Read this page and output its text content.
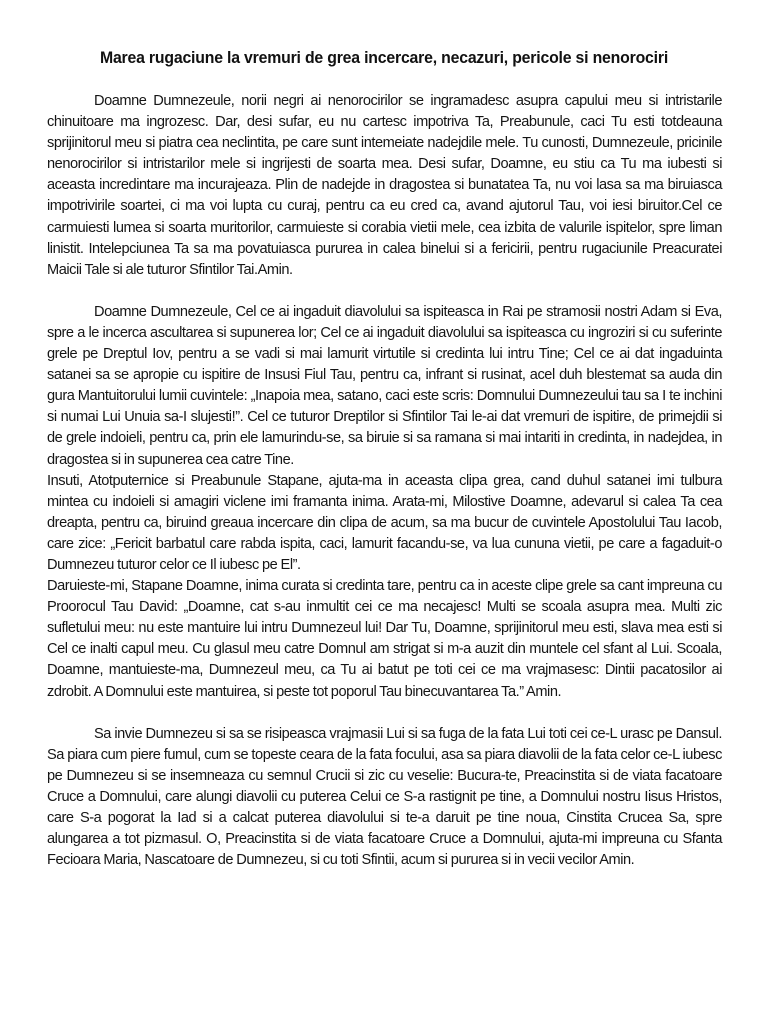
Marea rugaciune la vremuri de grea incercare, necazuri, pericole si nenorociri

Doamne Dumnezeule, norii negri ai nenorocirilor se ingramadesc asupra capului meu si intristarile chinuitoare ma ingrozesc. Dar, desi sufar, eu nu cartesc impotriva Ta, Preabunule, caci Tu esti totdeauna sprijinitorul meu si piatra cea neclintita, pe care sunt intemeiate nadejdile mele. Tu cunosti, Dumnezeule, pricinile nenorocirilor si intristarilor mele si ingrijesti de soarta mea. Desi sufar, Doamne, eu stiu ca Tu ma iubesti si aceasta incredintare ma incurajeaza. Plin de nadejde in dragostea si bunatatea Ta, nu voi lasa sa ma biruiasca impotrivirile soartei, ci ma voi lupta cu curaj, pentru ca eu cred ca, avand ajutorul Tau, voi iesi biruitor.Cel ce carmuiesti lumea si soarta muritorilor, carmuieste si corabia vietii mele, cea izbita de valurile ispitelor, spre liman linistit. Intelepciunea Ta sa ma povatuiasca pururea in calea binelui si a fericirii, pentru rugaciunile Preacuratei Maicii Tale si ale tuturor Sfintilor Tai.Amin.

Doamne Dumnezeule, Cel ce ai ingaduit diavolului sa ispiteasca in Rai pe stramosii nostri Adam si Eva, spre a le incerca ascultarea si supunerea lor; Cel ce ai ingaduit diavolului sa ispiteasca cu ingroziri si cu suferinte grele pe Dreptul Iov, pentru a se vadi si mai lamurit virtutile si credinta lui intru Tine; Cel ce ai dat ingaduinta satanei sa se apropie cu ispitire de Insusi Fiul Tau, pentru ca, infrant si rusinat, acel duh blestemat sa auda din gura Mantuitorului lumii cuvintele: „Inapoia mea, satano, caci este scris: Domnului Dumnezeului tau sa I te inchini si numai Lui Unuia sa-I slujesti!”. Cel ce tuturor Dreptilor si Sfintilor Tai le-ai dat vremuri de ispitire, de primejdii si de grele indoieli, pentru ca, prin ele lamurindu-se, sa biruie si sa ramana si mai intariti in credinta, in nadejdea, in dragostea si in supunerea cea catre Tine.

Insuti, Atotputernice si Preabunule Stapane, ajuta-ma in aceasta clipa grea, cand duhul satanei imi tulbura mintea cu indoieli si amagiri viclene imi framanta inima. Arata-mi, Milostive Doamne, adevarul si calea Ta cea dreapta, pentru ca, biruind greaua incercare din clipa de acum, sa ma bucur de cuvintele Apostolului Tau Iacob, care zice: „Fericit barbatul care rabda ispita, caci, lamurit facandu-se, va lua cununa vietii, pe care a fagaduit-o Dumnezeu tuturor celor ce Il iubesc pe El”.

Daruieste-mi, Stapane Doamne, inima curata si credinta tare, pentru ca in aceste clipe grele sa cant impreuna cu Proorocul Tau David: „Doamne, cat s-au inmultit cei ce ma necajesc! Multi se scoala asupra mea. Multi zic sufletului meu: nu este mantuire lui intru Dumnezeul lui! Dar Tu, Doamne, sprijinitorul meu esti, slava mea esti si Cel ce inalti capul meu. Cu glasul meu catre Domnul am strigat si m-a auzit din muntele cel sfant al Lui. Scoala, Doamne, mantuieste-ma, Dumnezeul meu, ca Tu ai batut pe toti cei ce ma vrajmasesc: Dintii pacatosilor ai zdrobit. A Domnului este mantuirea, si peste tot poporul Tau binecuvantarea Ta.” Amin.

Sa invie Dumnezeu si sa se risipeasca vrajmasii Lui si sa fuga de la fata Lui toti cei ce-L urasc pe Dansul. Sa piara cum piere fumul, cum se topeste ceara de la fata focului, asa sa piara diavolii de la fata celor ce-L iubesc pe Dumnezeu si se insemneaza cu semnul Crucii si zic cu veselie: Bucura-te, Preacinstita si de viata facatoare Cruce a Domnului, care alungi diavolii cu puterea Celui ce S-a rastignit pe tine, a Domnului nostru Iisus Hristos, care S-a pogorat la Iad si a calcat puterea diavolului si te-a daruit pe tine noua, Cinstita Crucea Sa, spre alungarea a tot pizmasul. O, Preacinstita si de viata facatoare Cruce a Domnului, ajuta-mi impreuna cu Sfanta Fecioara Maria, Nascatoare de Dumnezeu, si cu toti Sfintii, acum si pururea si in vecii vecilor Amin.
